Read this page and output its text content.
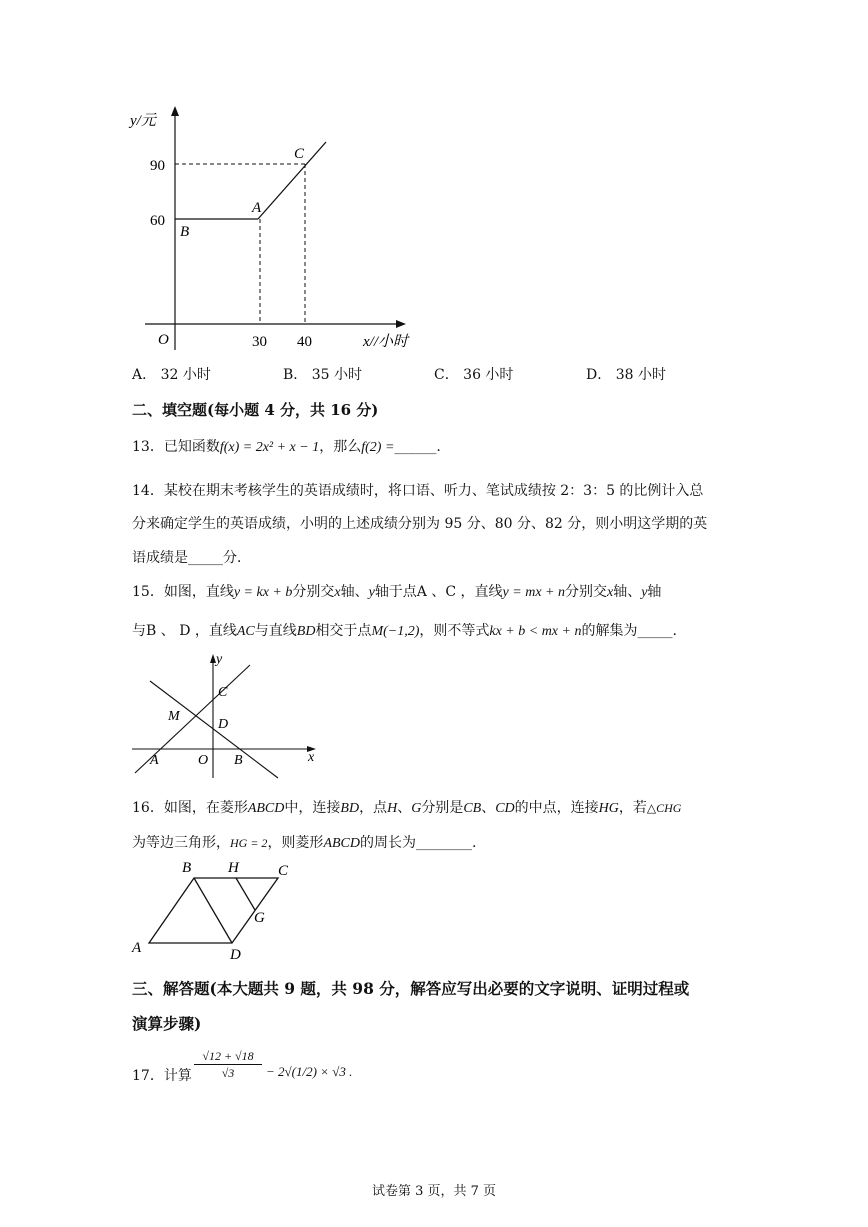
y/元
90
60
C
A
B
O	30 40	x//小时
A． 32 小时	B． 35 小时	C． 36 小时	D． 38 小时
二、填空题(每小题 4 分，共 16 分)
13．已知函数f(x) = 2x² + x − 1，那么f(2) =______.
14．某校在期末考核学生的英语成绩时，将口语、听力、笔试成绩按 2：3：5 的比例计入总
分来确定学生的英语成绩，小明的上述成绩分别为 95 分、80 分、82 分，则小明这学期的英
语成绩是_____分．
15．如图，直线y = kx + b分别交x轴、y轴于点A 、C ，直线y = mx + n分别交x轴、y轴
与B 、 D ，直线AC与直线BD相交于点M(−1,2)，则不等式kx + b < mx + n的解集为_____.
y
C
M
D
A	O B	x
16．如图，在菱形ABCD中，连接BD，点H、G分别是CB、CD的中点，连接HG，若△CHG
为等边三角形，HG = 2，则菱形ABCD的周长为________.
B H	C
G
A	D
三、解答题(本大题共 9 题，共 98 分，解答应写出必要的文字说明、证明过程或
演算步骤)
17．计算 $\frac{√12 + √18}{√3} - 2√(1/2) \times √3$ .
试卷第 3 页，共 7 页
